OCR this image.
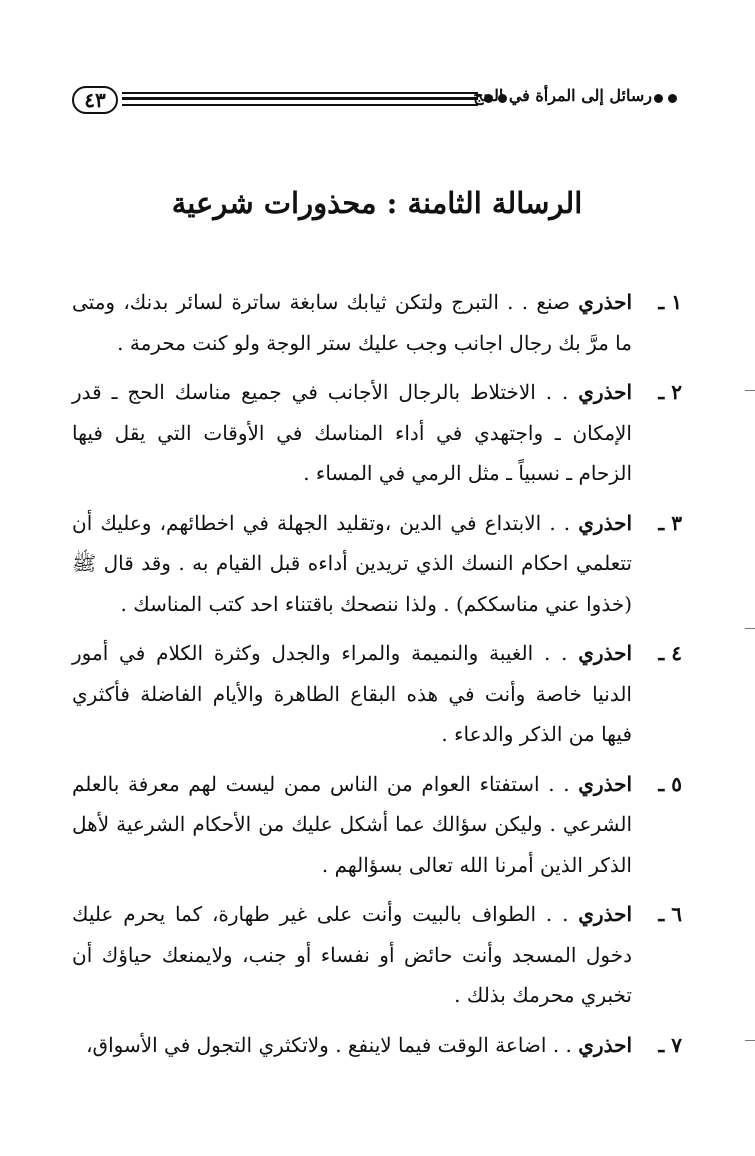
٤٣	رسائل إلى المرأة في الحج
الرسالة الثامنة : محذورات شرعية
١ ـ
احذري صنع . . التبرج ولتكن ثيابك سابغة ساترة لسائر بدنك، ومتى ما مرَّ بك رجال اجانب وجب عليك ستر الوجة ولو كنت محرمة .
٢ ـ
احذري . . الاختلاط بالرجال الأجانب في جميع مناسك الحج ـ قدر الإمكان ـ واجتهدي في أداء المناسك في الأوقات التي يقل فيها الزحام ـ نسبياً ـ مثل الرمي في المساء .
٣ ـ
احذري . . الابتداع في الدين ،وتقليد الجهلة في اخطائهم، وعليك أن تتعلمي احكام النسك الذي تريدين أداءه قبل القيام به . وقد قال ﷺ (خذوا عني مناسككم) . ولذا ننصحك باقتناء احد كتب المناسك .
٤ ـ
احذري . . الغيبة والنميمة والمراء والجدل وكثرة الكلام في أمور الدنيا خاصة وأنت في هذه البقاع الطاهرة والأيام الفاضلة فأكثري فيها من الذكر والدعاء .
٥ ـ
احذري . . استفتاء العوام من الناس ممن ليست لهم معرفة بالعلم الشرعي . وليكن سؤالك عما أشكل عليك من الأحكام الشرعية لأهل الذكر الذين أمرنا الله تعالى بسؤالهم .
٦ ـ
احذري . . الطواف بالبيت وأنت على غير طهارة، كما يحرم عليك دخول المسجد وأنت حائض أو نفساء أو جنب، ولايمنعك حياؤك أن تخبري محرمك بذلك .
٧ ـ
احذري . . اضاعة الوقت فيما لاينفع . ولاتكثري التجول في الأسواق،
